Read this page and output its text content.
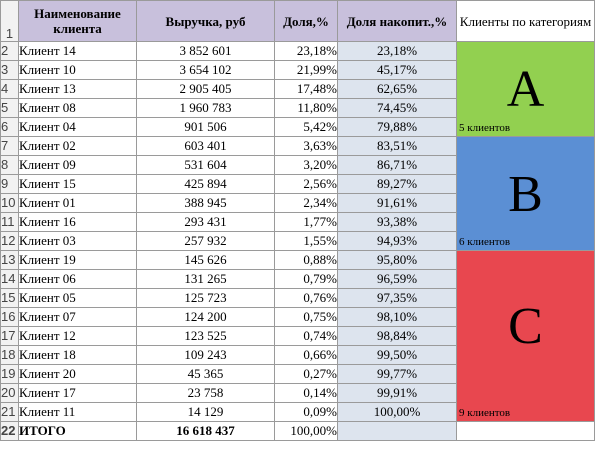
1	Наименование клиента	Выручка, руб	Доля,%	Доля накопит.,%	Клиенты по категориям
2	Клиент 14	3 852 601	23,18%	23,18%	A
5 клиентов

3	Клиент 10	3 654 102	21,99%	45,17%	
4	Клиент 13	2 905 405	17,48%	62,65%	
5	Клиент 08	1 960 783	11,80%	74,45%	
6	Клиент 04	901 506	5,42%	79,88%	
7	Клиент 02	603 401	3,63%	83,51%	B
6 клиентов

8	Клиент 09	531 604	3,20%	86,71%	
9	Клиент 15	425 894	2,56%	89,27%	
10	Клиент 01	388 945	2,34%	91,61%	
11	Клиент 16	293 431	1,77%	93,38%	
12	Клиент 03	257 932	1,55%	94,93%	
13	Клиент 19	145 626	0,88%	95,80%	C
9 клиентов

14	Клиент 06	131 265	0,79%	96,59%	
15	Клиент 05	125 723	0,76%	97,35%	
16	Клиент 07	124 200	0,75%	98,10%	
17	Клиент 12	123 525	0,74%	98,84%	
18	Клиент 18	109 243	0,66%	99,50%	
19	Клиент 20	45 365	0,27%	99,77%	
20	Клиент 17	23 758	0,14%	99,91%	
21	Клиент 11	14 129	0,09%	100,00%	
22	ИТОГО	16 618 437	100,00%		
